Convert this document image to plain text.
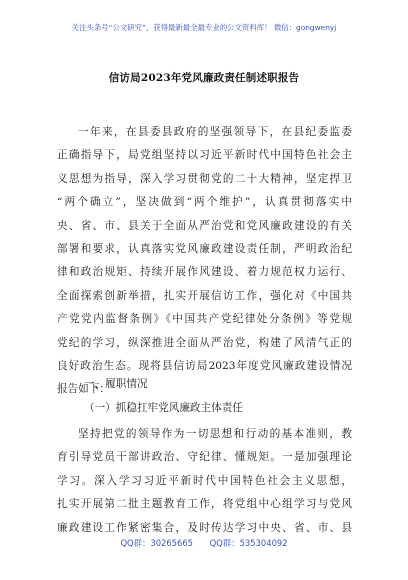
关注头条号“公文研究”，获得最新最全最专业的公文资料库！ 微信：gongwenyj
信访局2023年党风廉政责任制述职报告
一年来，在县委县政府的坚强领导下，在县纪委监委
正确指导下，局党组坚持以习近平新时代中国特色社会主
义思想为指导，深入学习贯彻党的二十大精神，坚定捍卫
“两个确立”，坚决做到“两个维护”，认真贯彻落实中
央、省、市、县关于全面从严治党和党风廉政建设的有关
部署和要求，认真落实党风廉政建设责任制，严明政治纪
律和政治规矩、持续开展作风建设、着力规范权力运行、
全面探索创新举措，扎实开展信访工作，强化对《中国共
产党党内监督条例》《中国共产党纪律处分条例》等党规
党纪的学习，纵深推进全面从严治党，构建了风清气正的
良好政治生态。现将县信访局2023年度党风廉政建设情况
报告如下：
一、履职情况
（一）抓稳扛牢党风廉政主体责任
坚持把党的领导作为一切思想和行动的基本准则，教
育引导党员干部讲政治、守纪律、懂规矩。一是加强理论
学习。深入学习习近平新时代中国特色社会主义思想，
扎实开展第二批主题教育工作，将党组中心组学习与党风
廉政建设工作紧密集合，及时传达学习中央、省、市、县
QQ群：30265665 QQ群：535304092
